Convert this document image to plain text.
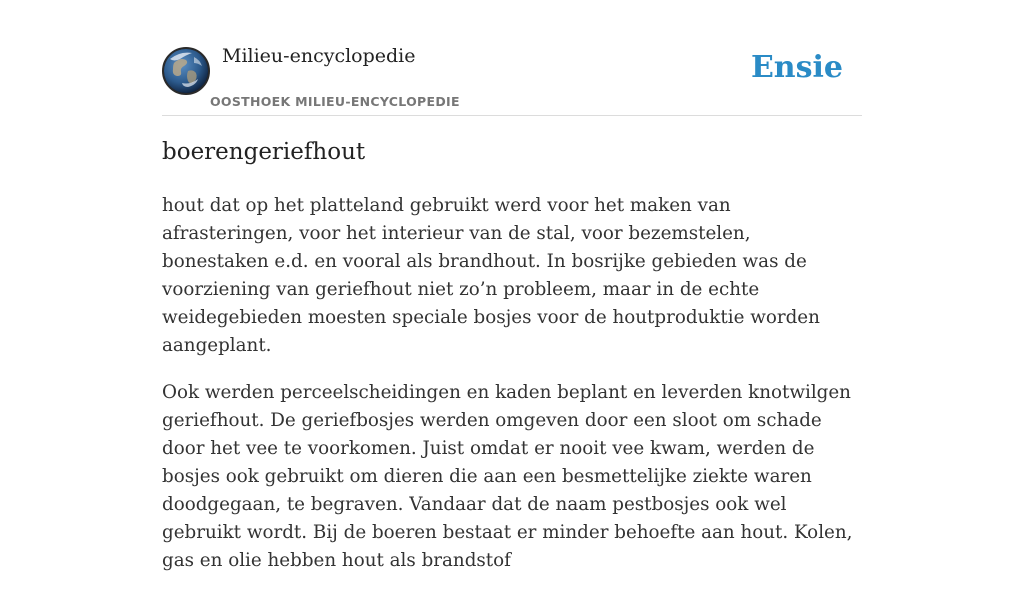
Milieu-encyclopedie
OOSTHOEK MILIEU-ENCYCLOPEDIE
Ensie
boerengeriefhout

hout dat op het platteland gebruikt werd voor het maken van afrasteringen, voor het interieur van de stal, voor bezemstelen, bonestaken e.d. en vooral als brandhout. In bosrijke gebieden was de voorziening van geriefhout niet zo’n probleem, maar in de echte weidegebieden moesten speciale bosjes voor de houtproduktie worden aangeplant.

Ook werden perceelscheidingen en kaden beplant en leverden knotwilgen geriefhout. De geriefbosjes werden omgeven door een sloot om schade door het vee te voorkomen. Juist omdat er nooit vee kwam, werden de bosjes ook gebruikt om dieren die aan een besmettelijke ziekte waren doodgegaan, te begraven. Vandaar dat de naam pestbosjes ook wel gebruikt wordt. Bij de boeren bestaat er minder behoefte aan hout. Kolen, gas en olie hebben hout als brandstof
